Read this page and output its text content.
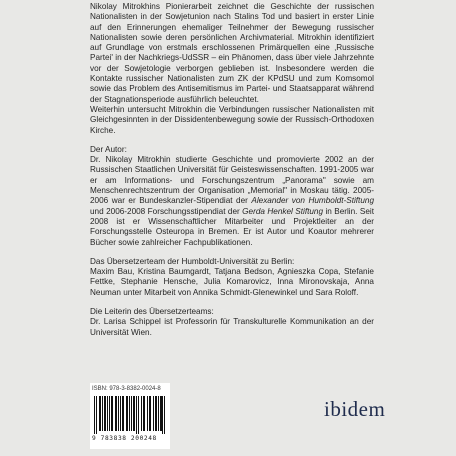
Nikolay Mitrokhins Pionierarbeit zeichnet die Geschichte der russischen Nationalisten in der Sowjetunion nach Stalins Tod und basiert in erster Linie auf den Erinnerungen ehemaliger Teilnehmer der Bewegung russischer Nationalisten sowie deren persönlichen Archivmaterial. Mitrokhin identifiziert auf Grundlage von erstmals erschlossenen Primärquellen eine ‚Russische Partei' in der Nachkriegs-UdSSR – ein Phänomen, dass über viele Jahrzehnte vor der Sowjetologie verborgen geblieben ist. Insbesondere werden die Kontakte russischer Nationalisten zum ZK der KPdSU und zum Komsomol sowie das Problem des Antisemitismus im Partei- und Staatsapparat während der Stagnationsperiode ausführlich beleuchtet.

Weiterhin untersucht Mitrokhin die Verbindungen russischer Nationalisten mit Gleichgesinnten in der Dissidentenbewegung sowie der Russisch-Orthodoxen Kirche.

Der Autor:

Dr. Nikolay Mitrokhin studierte Geschichte und promovierte 2002 an der Russischen Staatlichen Universität für Geisteswissenschaften. 1991-2005 war er am Informations- und Forschungszentrum „Panorama" sowie am Menschenrechtszentrum der Organisation „Memorial" in Moskau tätig. 2005-2006 war er Bundeskanzler-Stipendiat der Alexander von Humboldt-Stiftung und 2006-2008 Forschungsstipendiat der Gerda Henkel Stiftung in Berlin. Seit 2008 ist er Wissenschaftlicher Mitarbeiter und Projektleiter an der Forschungsstelle Osteuropa in Bremen. Er ist Autor und Koautor mehrerer Bücher sowie zahlreicher Fachpublikationen.

Das Übersetzerteam der Humboldt-Universität zu Berlin:

Maxim Bau, Kristina Baumgardt, Tatjana Bedson, Agnieszka Copa, Stefanie Fettke, Stephanie Hensche, Julia Komarovicz, Inna Mironovskaja, Anna Neuman unter Mitarbeit von Annika Schmidt-Glenewinkel und Sara Roloff.

Die Leiterin des Übersetzerteams:

Dr. Larisa Schippel ist Professorin für Transkulturelle Kommunikation an der Universität Wien.

ISBN: 978-3-8382-0024-8
9 783838 200248
ibidem
